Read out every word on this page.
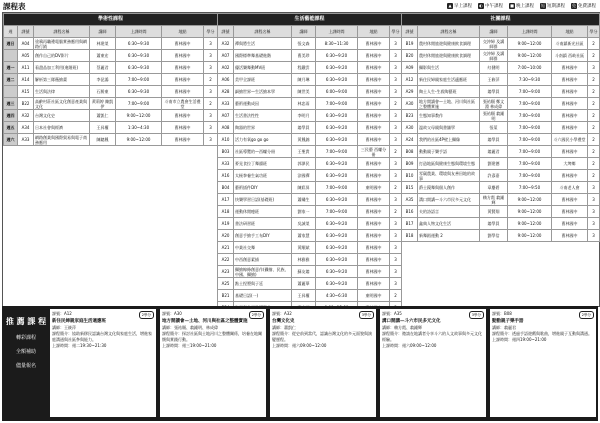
課程表	▲ 早上課程	◐ 中午課程 ■ 晚上課程 短 短期課程 免 免費課程
學術性課程						
週	課號	課程名稱	講師	上課時間	地點	學分
週日	A04	塗鴉再職遷電腦實務應用與網路行銷	林建榮	6:30~9:30	曹林國中	3
	A05	創作自己的DV影片	蕭東宏	6:30~9:30	曹林國中	3
週一	A11	看盡品加工利用(進階班)	蔡麗君	6:30~9:30	曹林國中	3
週二	A14	解析第三隊薇繪畫	李昆鴻	7:00~9:00	曹林國中	2
	A15	生活與法律	石勝東	6:30~9:30	曹林國中	3
週三	B22	高齡村莊社區文化創意產業與文化	黃莉婷 陳凱伊	7:00~9:00	斗南市立農會生活禮堂	2
週四	A32	台灣文化史	蕭凱仁	9:00~12:00	曹林國中	3
週五	A34	日本社會與經濟	王昇權	1:30~4:30	曹林國中	3
週六	A33	網路創業與國際貿易與電子商務應用	陳聰鳳	9:00~12:00	曹林國中	3
生活藝能課程					
課號	課程名稱	講師	上課時間	地點	學分
A32	禪與將生活	張文森	8:30~11:30	曹林國中	3
A07	國際標準舞基礎進階	曹美珍	6:30~9:20	曹林國中	3
A02	優活樂舞動MV班	程鐵雲	6:30~9:20	曹林國中	3
A06	美甲全課班	陳月琳	6:30~9:20	曹林國中	3
A28	細繪世界—生活繪本學	陳世美	6:00~9:00	曹林國中	3
A33	藝術運動成因	林忠雨	7:00~9:00	曹林國中	2
A07	生活書法性性	李明月	6:30~9:20	曹林國中	3
A08	陶器的世界	翁學員	6:30~9:20	曹林國中	3
A10	活力有氧go go go	黃鳳錦	6:30~9:20	曹林國中	3
B03	社區導覽的—西螺分冊	王聖貴	7:00~9:00	三民藝 西螺分冊	2
A33	麥見食拉丁舞韻班	郭澤民	6:30~9:20	曹林國中	3
A16	太極拳養生氣功班	涂國禪	6:30~9:20	曹林國中	3
B04	藝術插件DIY	陳彩屏	7:00~9:00	東明國中	2
A17	快樂學習日語(基礎班)	蕭繡生	6:30~9:20	曹林國中	3
A18	運動休閒瘦班	劉家一	7:00~9:00	曹林國中	2
A19	書法研習班	吳誠榮	6:30~9:20	曹林國中	3
A20	創意手繪手工布DIY	蕭家慧	6:30~9:20	曹林國中	3
A21	中業社交舞	黃順斌	6:30~9:20	曹林國中	3
A22	中西創意素描	林雅雅	6:30~9:20	曹林國中	3
A23	攝繪線條創意作(攝繪、民族、中國、攝繪)	蘇友翁	6:30~9:20	曹林國中	3
A25	點土捏塑與子廷	蕭麗華	6:30~9:20	曹林國中	3
B21	基礎日語(一)	王昇權	4:30~6:30	東明國中	2

社團課程					
課號	課程名稱	講師	上課時間	地點	學分
B19	農村休閒旅遊與健康飲食調理	交沖婦 及講師群	9:00~12:00	斗南鎮新光社區	2
B20	農村休閒旅遊與健康飲食調理	交沖婦 及講師群	9:00~12:00	斗南鎮 西岐社區	2
A09	攝影與生活	紅健明	7:00~10:00	曹林國中	3
A12	新住民婦親家庭生活適應班	王筱萍	7:30~9:30	曹林國中	2
A29	陶土人生-生殺陶藝班	翁學員	7:00~9:00	曹林國中	2
A30	地方開讀會—土地、河川與社區之整體實施	張祐順 鄭文淵 林成偉	7:00~9:00	曹林國中	2
B23	生態知事教作	張祐順 翁鍾明	7:00~9:00	曹林國中	2
A30	溫故父母親與書舖學	張萊	7:00~9:00	曹林國中	2
A24	我們的社區4P壁上攝像	翁學員	7:00~9:00	斗六國民小學禮堂	2
B08	動動親子樂手語	翁麗君	7:00~9:00	曹林國中	2
B09	打造地區與健康生態與環境生態	劉建德	7:00~9:00	大埤鄉	2
B10	零碳農業、環境與友善田地的故事	許彥嘉	7:00~9:00	曹林國中	2
B15	爵士鏡舞與個人創作	章慶碧	7:00~9:50	斗南老人會	3
A35	溝口開講—斗六市民多元文化	賴方霞 翁鍾輝	9:00~12:00	曹林國中	3
B16	夫的詩語言	黃賢翔	9:00~12:00	曹林國中	3
B17	鑫典人物文化生活	翁學員	9:00~12:00	曹林國中	3
B18	新舞蹈運動 2	劉學信	9:00~12:00	曹林國中	3
推 薦 課 程
轉彩課程
全額補助
儘量報名
課號：A12	2學分
新住民婦親家庭生活適應班
講師：王筱萍
課程簡介：協助新移民認識台灣文化與家庭生活，增進家庭溝通與社區參與能力。
上課時間：週二19:30~21:30
課號：A30	2學分
地方開讀會—土地、河川與社區之整體實施
講師：張祐順、翁鍾明、林成偉
課程簡介：探討社區與土地河川之整體關係，培養在地關懷與實踐行動。
上課時間：週三19:00~21:00
課號：A32	3學分
台灣文化史
講師：蕭凱仁
課程簡介：從史前到當代，認識台灣文化的多元面貌與演變歷程。
上課時間：週六09:00~12:00
課號：A35	3學分
溝口開講—斗六市民多元文化
講師：賴方霞、翁鍾輝
課程簡介：邀請在地講者分享斗六的人文故事與多元文化經驗。
上課時間：週六09:00~12:00
課號：B08	2學分
動動親子樂手語
講師：翁麗君
課程簡介：透過手語遊戲與歌曲，增進親子互動與溝通。
上課時間：週四19:00~21:00
